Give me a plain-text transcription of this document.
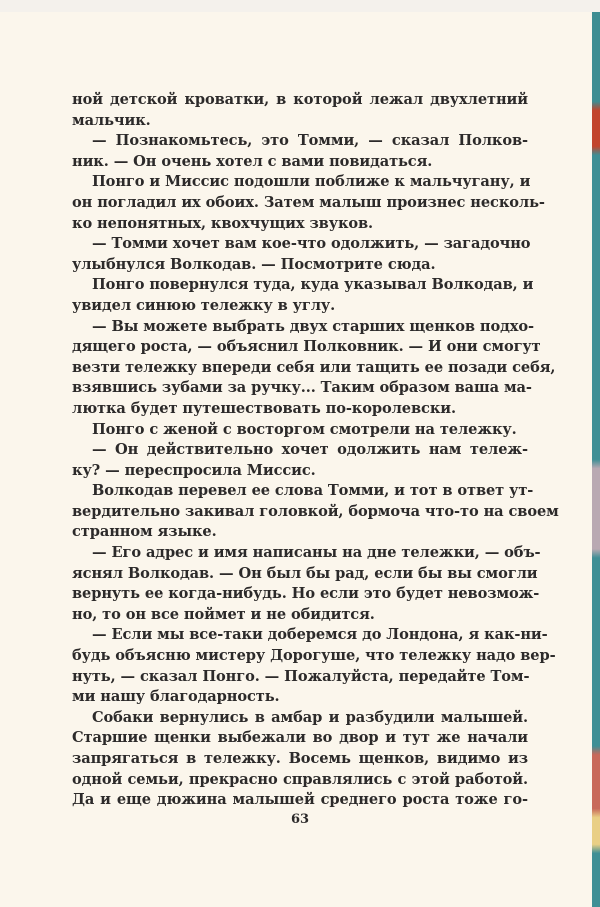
ной детской кроватки, в которой лежал двухлетний
мальчик.
— Познакомьтесь, это Томми, — сказал Полков-
ник. — Он очень хотел с вами повидаться.
Понго и Миссис подошли поближе к мальчугану, и
он погладил их обоих. Затем малыш произнес несколь-
ко непонятных, квохчущих звуков.
— Томми хочет вам кое-что одолжить, — загадочно
улыбнулся Волкодав. — Посмотрите сюда.
Понго повернулся туда, куда указывал Волкодав, и
увидел синюю тележку в углу.
— Вы можете выбрать двух старших щенков подхо-
дящего роста, — объяснил Полковник. — И они смогут
везти тележку впереди себя или тащить ее позади себя,
взявшись зубами за ручку... Таким образом ваша ма-
лютка будет путешествовать по-королевски.
Понго с женой с восторгом смотрели на тележку.
— Он действительно хочет одолжить нам тележ-
ку? — переспросила Миссис.
Волкодав перевел ее слова Томми, и тот в ответ ут-
вердительно закивал головкой, бормоча что-то на своем
странном языке.
— Его адрес и имя написаны на дне тележки, — объ-
яснял Волкодав. — Он был бы рад, если бы вы смогли
вернуть ее когда-нибудь. Но если это будет невозмож-
но, то он все поймет и не обидится.
— Если мы все-таки доберемся до Лондона, я как-ни-
будь объясню мистеру Дорогуше, что тележку надо вер-
нуть, — сказал Понго. — Пожалуйста, передайте Том-
ми нашу благодарность.
Собаки вернулись в амбар и разбудили малышей.
Старшие щенки выбежали во двор и тут же начали
запрягаться в тележку. Восемь щенков, видимо из
одной семьи, прекрасно справлялись с этой работой.
Да и еще дюжина малышей среднего роста тоже го-
63
